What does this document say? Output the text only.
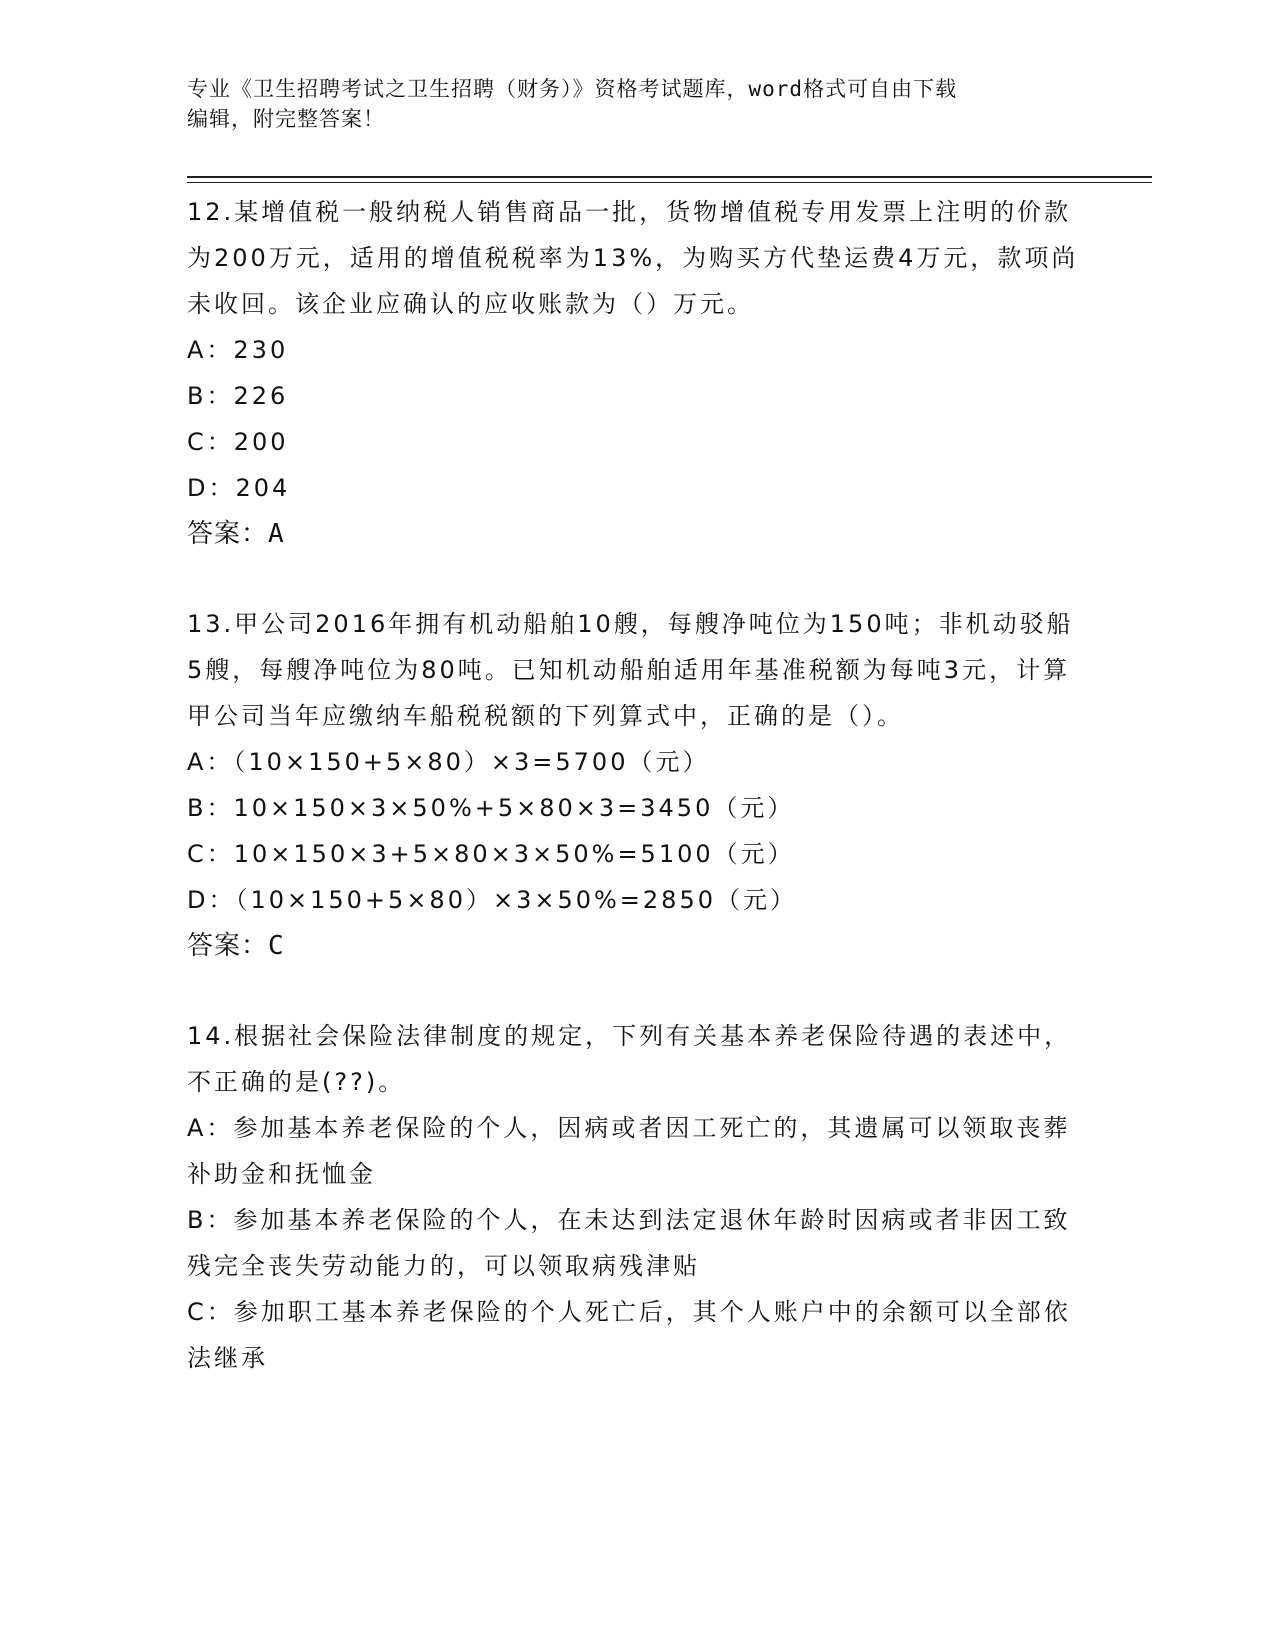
专业《卫生招聘考试之卫生招聘（财务）》资格考试题库，word格式可自由下载
编辑，附完整答案！

12.某增值税一般纳税人销售商品一批，货物增值税专用发票上注明的价款为200万元，适用的增值税税率为13%，为购买方代垫运费4万元，款项尚未收回。该企业应确认的应收账款为（）万元。

A：230

B：226

C：200

D：204

答案：A

13.甲公司2016年拥有机动船舶10艘，每艘净吨位为150吨；非机动驳船5艘，每艘净吨位为80吨。已知机动船舶适用年基准税额为每吨3元，计算甲公司当年应缴纳车船税税额的下列算式中，正确的是（）。

A：（10×150+5×80）×3=5700（元）

B：10×150×3×50%+5×80×3=3450（元）

C：10×150×3+5×80×3×50%=5100（元）

D：（10×150+5×80）×3×50%=2850（元）

答案：C

14.根据社会保险法律制度的规定，下列有关基本养老保险待遇的表述中，不正确的是(??)。

A：参加基本养老保险的个人，因病或者因工死亡的，其遗属可以领取丧葬补助金和抚恤金

B：参加基本养老保险的个人，在未达到法定退休年龄时因病或者非因工致残完全丧失劳动能力的，可以领取病残津贴

C：参加职工基本养老保险的个人死亡后，其个人账户中的余额可以全部依法继承
